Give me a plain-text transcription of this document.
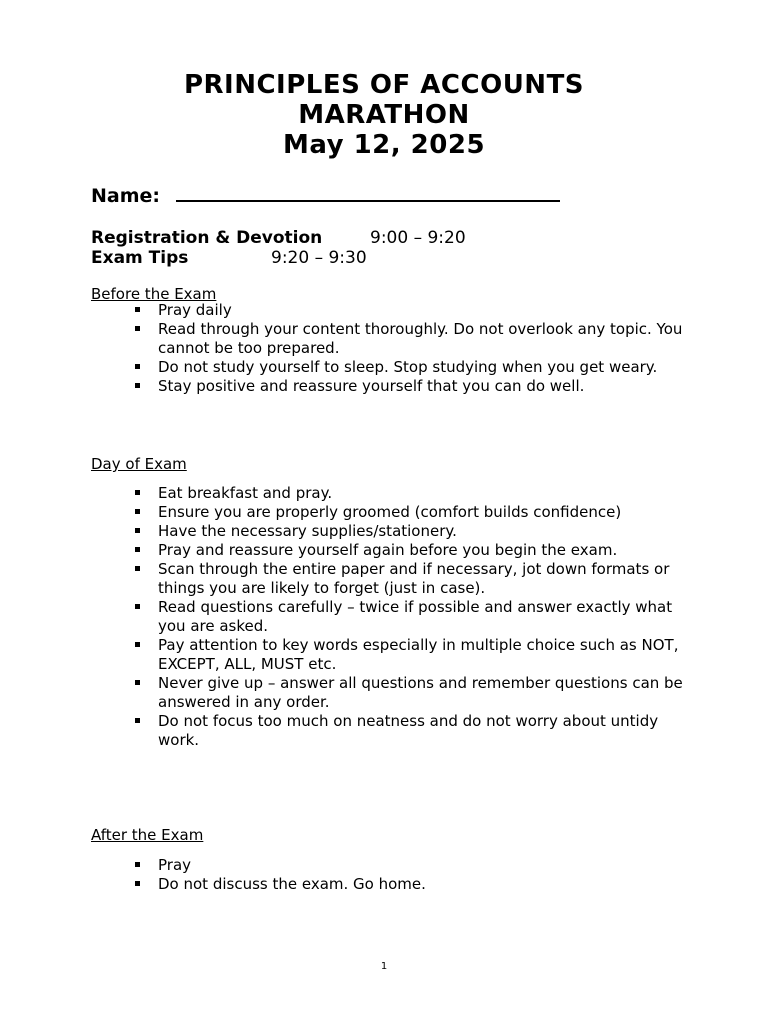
PRINCIPLES OF ACCOUNTS
MARATHON
May 12, 2025
Name:
Registration & Devotion	9:00 – 9:20
Exam Tips	9:20 – 9:30
Before the Exam
Pray daily
Read through your content thoroughly. Do not overlook any topic. You cannot be too prepared.
Do not study yourself to sleep. Stop studying when you get weary.
Stay positive and reassure yourself that you can do well.
Day of Exam
Eat breakfast and pray.
Ensure you are properly groomed (comfort builds confidence)
Have the necessary supplies/stationery.
Pray and reassure yourself again before you begin the exam.
Scan through the entire paper and if necessary, jot down formats or things you are likely to forget (just in case).
Read questions carefully – twice if possible and answer exactly what you are asked.
Pay attention to key words especially in multiple choice such as NOT, EXCEPT, ALL, MUST etc.
Never give up – answer all questions and remember questions can be answered in any order.
Do not focus too much on neatness and do not worry about untidy work.
After the Exam
Pray
Do not discuss the exam. Go home.
1
